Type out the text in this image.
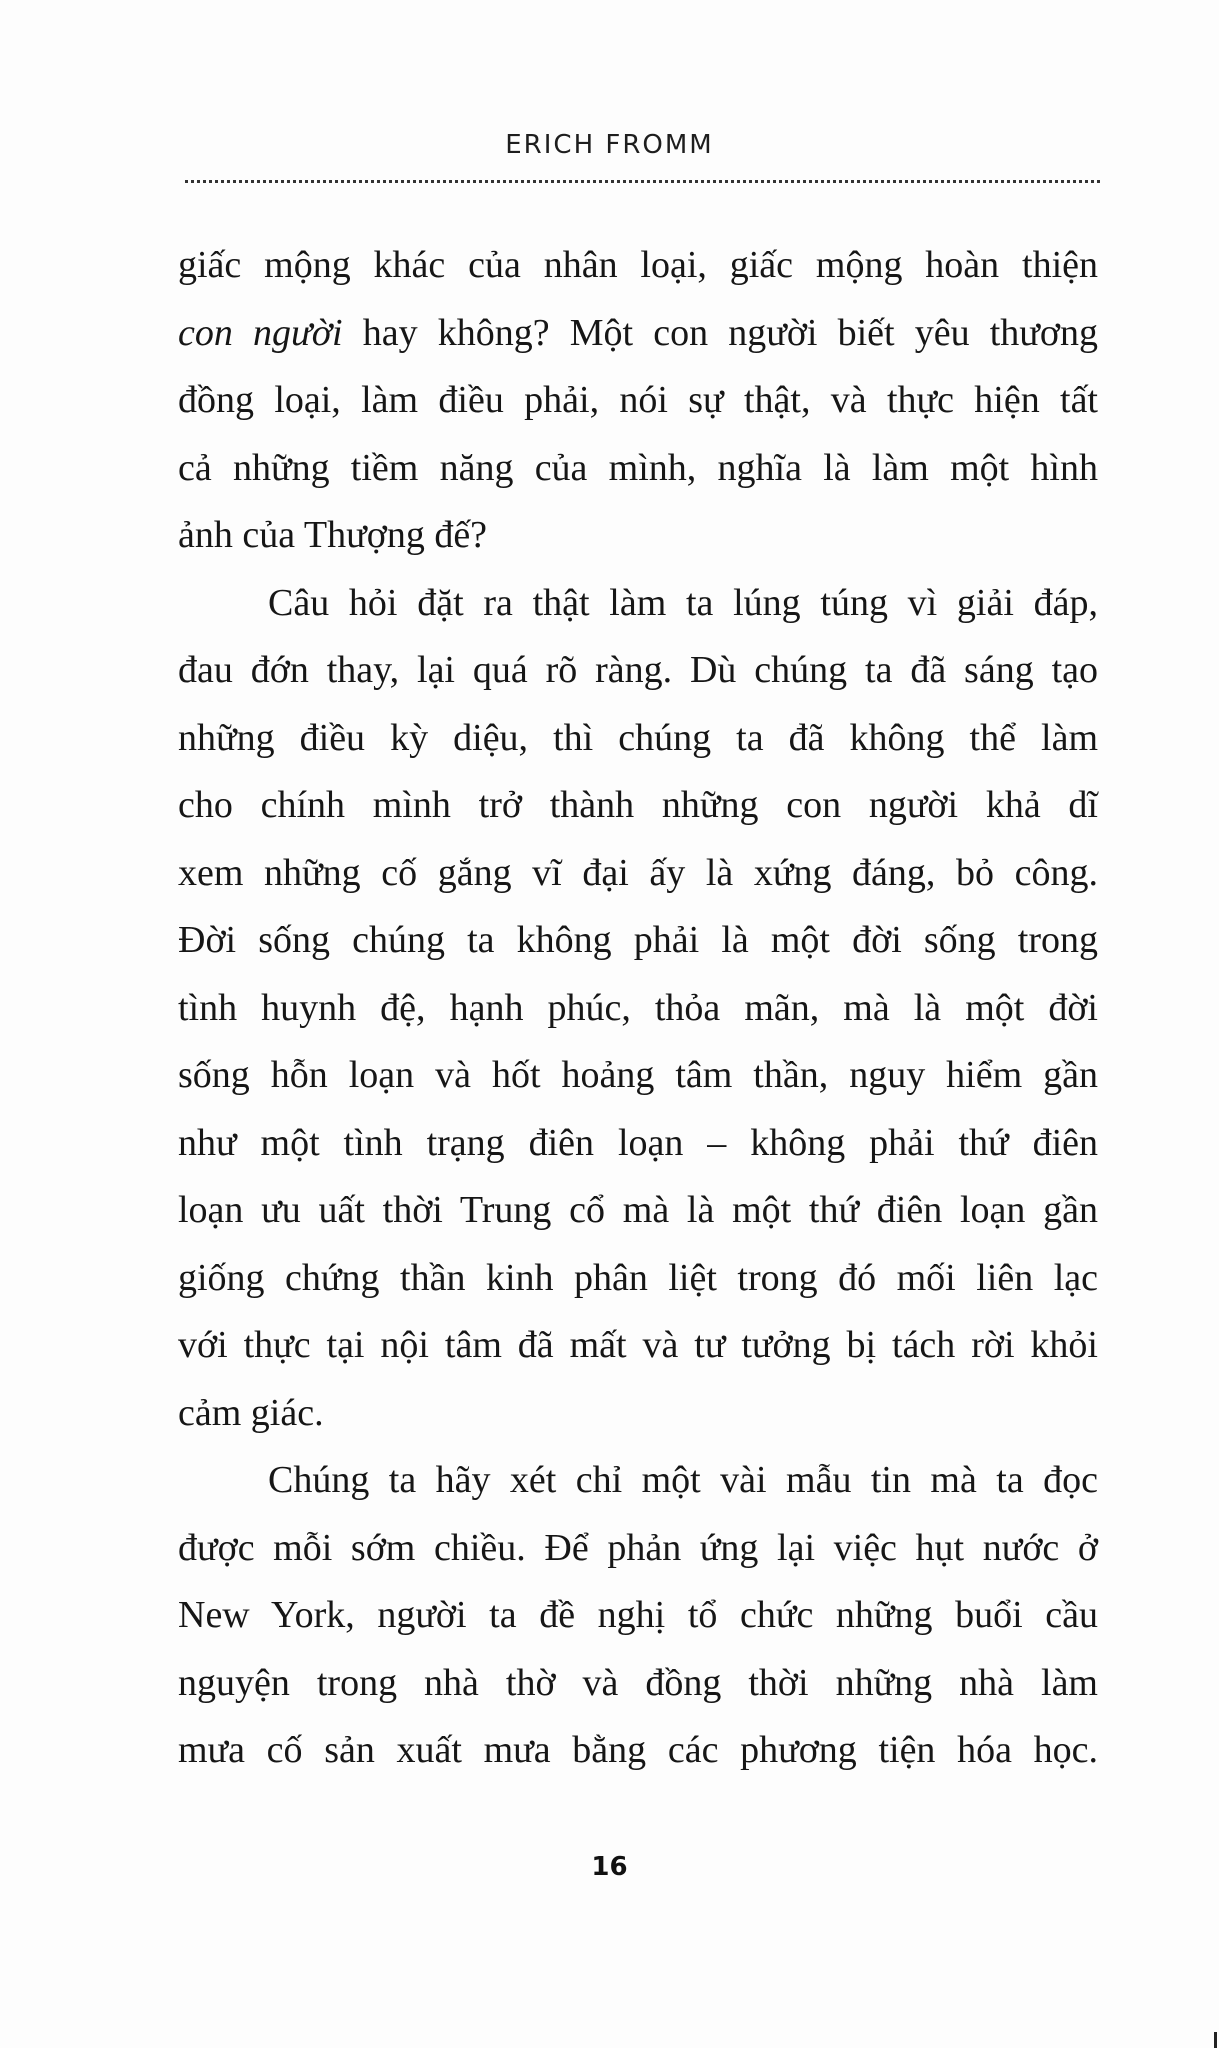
ERICH FROMM

giấc mộng khác của nhân loại, giấc mộng hoàn thiện
con người hay không? Một con người biết yêu thương
đồng loại, làm điều phải, nói sự thật, và thực hiện tất
cả những tiềm năng của mình, nghĩa là làm một hình
ảnh của Thượng đế?

Câu hỏi đặt ra thật làm ta lúng túng vì giải đáp,
đau đớn thay, lại quá rõ ràng. Dù chúng ta đã sáng tạo
những điều kỳ diệu, thì chúng ta đã không thể làm
cho chính mình trở thành những con người khả dĩ
xem những cố gắng vĩ đại ấy là xứng đáng, bỏ công.
Đời sống chúng ta không phải là một đời sống trong
tình huynh đệ, hạnh phúc, thỏa mãn, mà là một đời
sống hỗn loạn và hốt hoảng tâm thần, nguy hiểm gần
như một tình trạng điên loạn – không phải thứ điên
loạn ưu uất thời Trung cổ mà là một thứ điên loạn gần
giống chứng thần kinh phân liệt trong đó mối liên lạc
với thực tại nội tâm đã mất và tư tưởng bị tách rời khỏi
cảm giác.

Chúng ta hãy xét chỉ một vài mẫu tin mà ta đọc
được mỗi sớm chiều. Để phản ứng lại việc hụt nước ở
New York, người ta đề nghị tổ chức những buổi cầu
nguyện trong nhà thờ và đồng thời những nhà làm
mưa cố sản xuất mưa bằng các phương tiện hóa học.

16
